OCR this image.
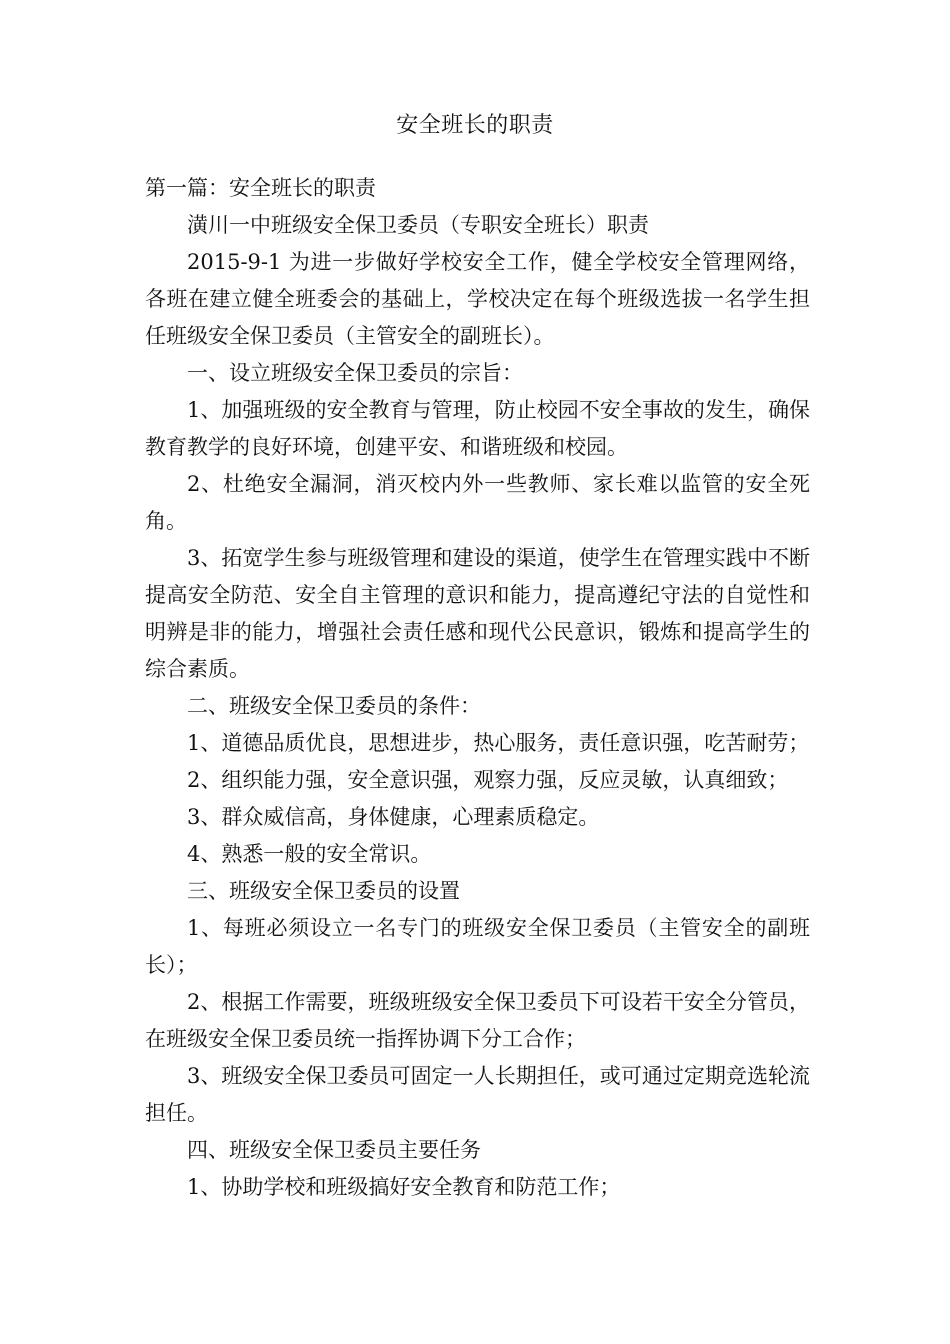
安全班长的职责

第一篇：安全班长的职责

潢川一中班级安全保卫委员（专职安全班长）职责

2015-9-1 为进一步做好学校安全工作，健全学校安全管理网络，各班在建立健全班委会的基础上，学校决定在每个班级选拔一名学生担任班级安全保卫委员（主管安全的副班长）。

一、设立班级安全保卫委员的宗旨：

1、加强班级的安全教育与管理，防止校园不安全事故的发生，确保教育教学的良好环境，创建平安、和谐班级和校园。

2、杜绝安全漏洞，消灭校内外一些教师、家长难以监管的安全死角。

3、拓宽学生参与班级管理和建设的渠道，使学生在管理实践中不断提高安全防范、安全自主管理的意识和能力，提高遵纪守法的自觉性和明辨是非的能力，增强社会责任感和现代公民意识，锻炼和提高学生的综合素质。

二、班级安全保卫委员的条件：

1、道德品质优良，思想进步，热心服务，责任意识强，吃苦耐劳；

2、组织能力强，安全意识强，观察力强，反应灵敏，认真细致；

3、群众威信高，身体健康，心理素质稳定。

4、熟悉一般的安全常识。

三、班级安全保卫委员的设置

1、每班必须设立一名专门的班级安全保卫委员（主管安全的副班长）；

2、根据工作需要，班级班级安全保卫委员下可设若干安全分管员，在班级安全保卫委员统一指挥协调下分工合作；

3、班级安全保卫委员可固定一人长期担任，或可通过定期竞选轮流担任。

四、班级安全保卫委员主要任务

1、协助学校和班级搞好安全教育和防范工作；
